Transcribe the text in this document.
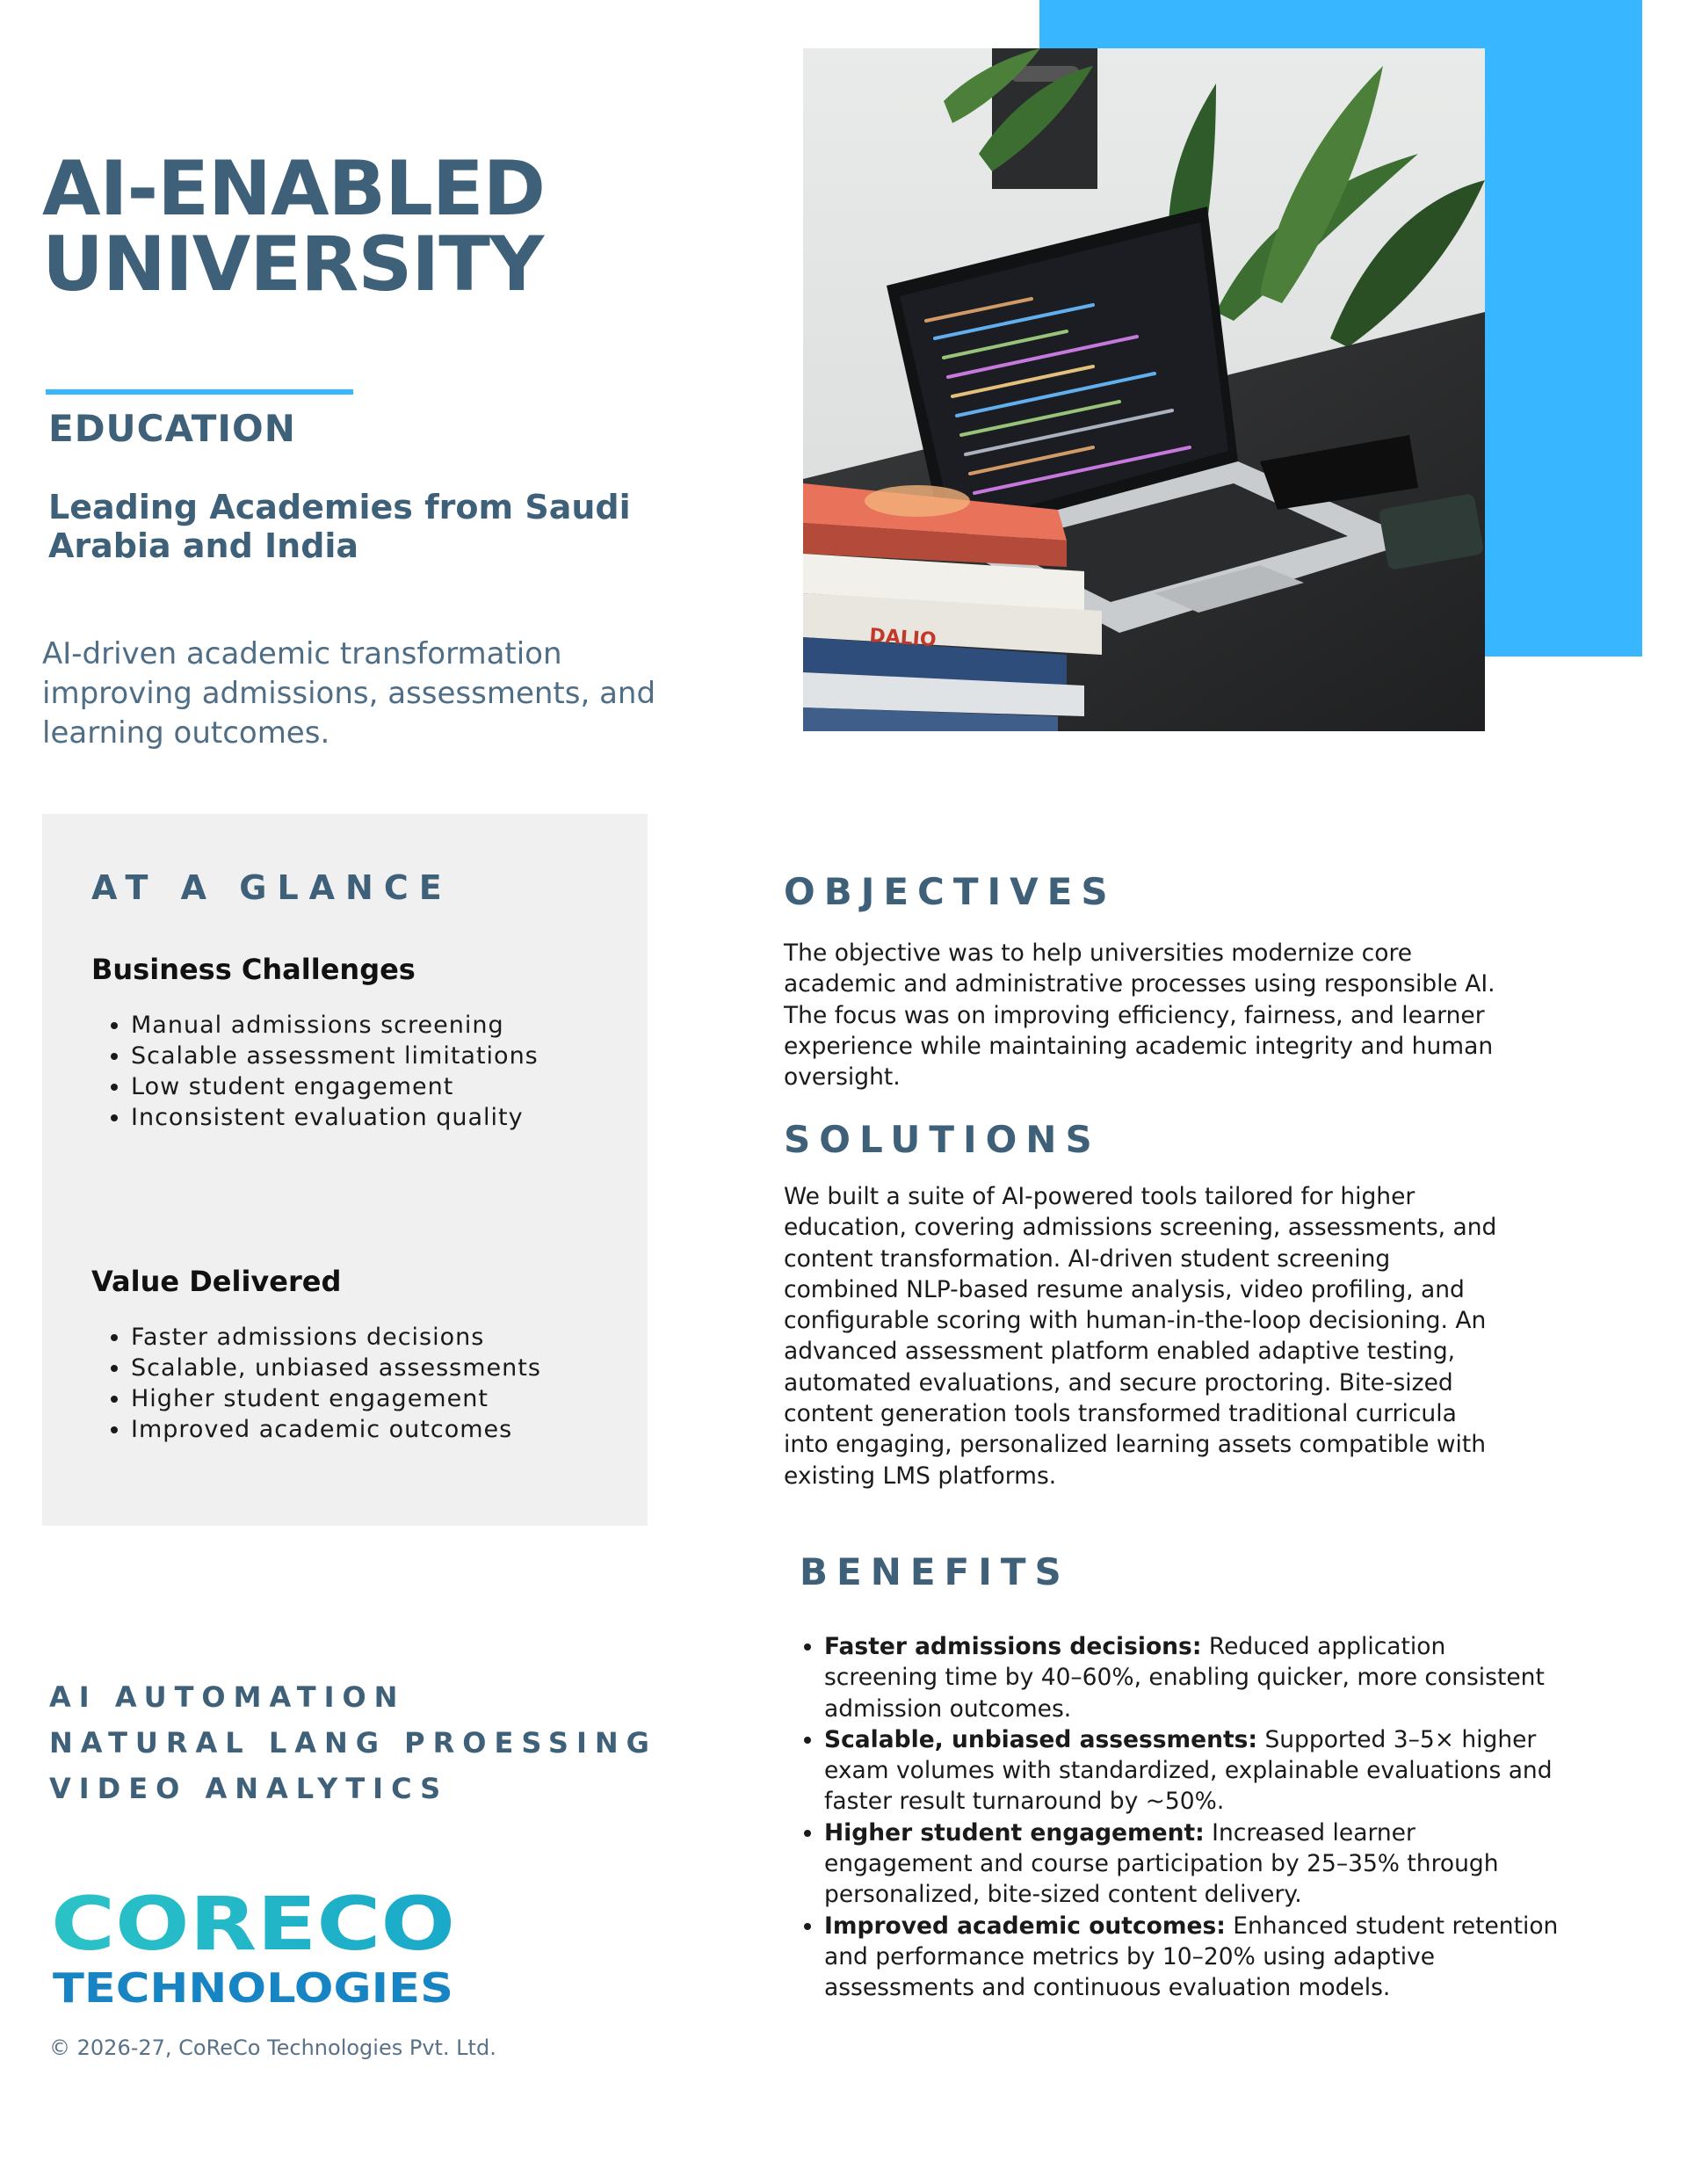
DALIO
AI-ENABLED
UNIVERSITY
EDUCATION
Leading Academies from Saudi Arabia and India
AI-driven academic transformation improving admissions, assessments, and learning outcomes.
AT A GLANCE
Business Challenges
• Manual admissions screening
• Scalable assessment limitations
• Low student engagement
• Inconsistent evaluation quality
Value Delivered
• Faster admissions decisions
• Scalable, unbiased assessments
• Higher student engagement
• Improved academic outcomes
OBJECTIVES
The objective was to help universities modernize core academic and administrative processes using responsible AI. The focus was on improving efficiency, fairness, and learner experience while maintaining academic integrity and human oversight.
SOLUTIONS
We built a suite of AI-powered tools tailored for higher education, covering admissions screening, assessments, and content transformation. AI-driven student screening combined NLP-based resume analysis, video profiling, and configurable scoring with human-in-the-loop decisioning. An advanced assessment platform enabled adaptive testing, automated evaluations, and secure proctoring. Bite-sized content generation tools transformed traditional curricula into engaging, personalized learning assets compatible with existing LMS platforms.
BENEFITS
• Faster admissions decisions: Reduced application screening time by 40–60%, enabling quicker, more consistent admission outcomes.
• Scalable, unbiased assessments: Supported 3–5× higher exam volumes with standardized, explainable evaluations and faster result turnaround by ~50%.
• Higher student engagement: Increased learner engagement and course participation by 25–35% through personalized, bite-sized content delivery.
• Improved academic outcomes: Enhanced student retention and performance metrics by 10–20% using adaptive assessments and continuous evaluation models.
AI AUTOMATION
NATURAL LANG PROESSING
VIDEO ANALYTICS
CORECO
TECHNOLOGIES
© 2026-27, CoReCo Technologies Pvt. Ltd.
